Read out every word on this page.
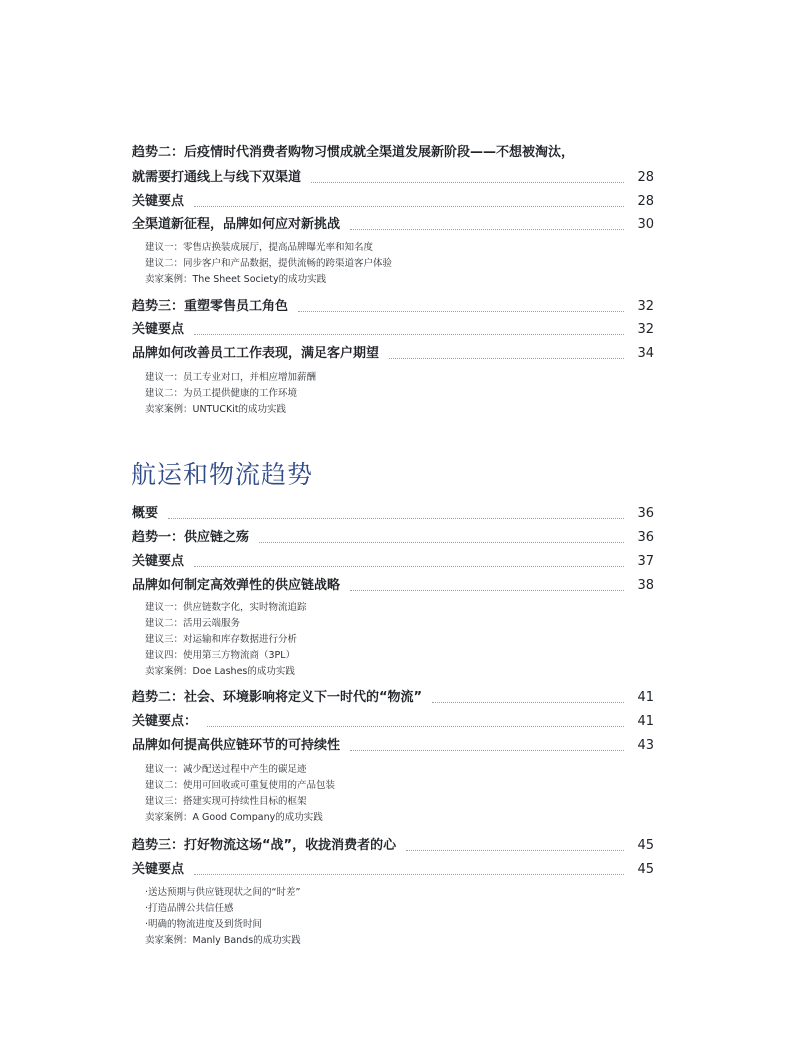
趋势二：后疫情时代消费者购物习惯成就全渠道发展新阶段——不想被淘汰，
就需要打通线上与线下双渠道	28
关键要点	28
全渠道新征程，品牌如何应对新挑战	30
建议一：零售店换装成展厅，提高品牌曝光率和知名度
建议二：同步客户和产品数据，提供流畅的跨渠道客户体验
卖家案例：The Sheet Society的成功实践
趋势三：重塑零售员工角色	32
关键要点	32
品牌如何改善员工工作表现，满足客户期望	34
建议一：员工专业对口，并相应增加薪酬
建议二：为员工提供健康的工作环境
卖家案例：UNTUCKit的成功实践
航运和物流趋势
概要	36
趋势一：供应链之殇	36
关键要点	37
品牌如何制定高效弹性的供应链战略	38
建议一：供应链数字化，实时物流追踪
建议二：活用云端服务
建议三：对运输和库存数据进行分析
建议四：使用第三方物流商（3PL）
卖家案例：Doe Lashes的成功实践
趋势二：社会、环境影响将定义下一时代的“物流”	41
关键要点：	41
品牌如何提高供应链环节的可持续性	43
建议一：减少配送过程中产生的碳足迹
建议二：使用可回收或可重复使用的产品包装
建议三：搭建实现可持续性目标的框架
卖家案例：A Good Company的成功实践
趋势三：打好物流这场“战”，收拢消费者的心	45
关键要点	45
·送达预期与供应链现状之间的“时差”
·打造品牌公共信任感
·明确的物流进度及到货时间
卖家案例：Manly Bands的成功实践
